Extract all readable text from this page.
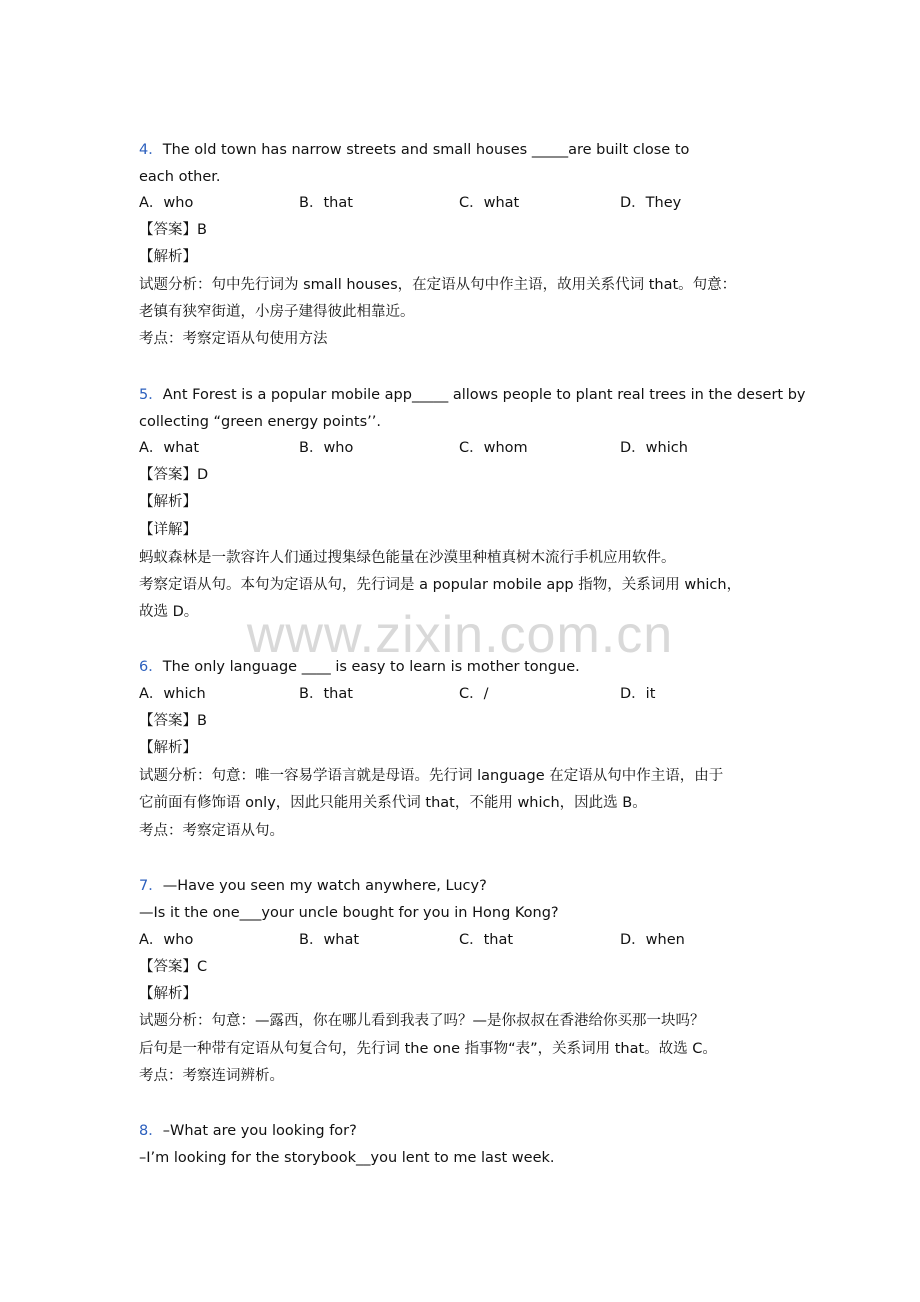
4．The old town has narrow streets and small houses _____are built close to
each other.
A．who	B．that	C．what	D．They
【答案】B
【解析】
试题分析：句中先行词为 small houses，在定语从句中作主语，故用关系代词 that。句意：
老镇有狭窄街道，小房子建得彼此相靠近。
考点：考察定语从句使用方法
5．Ant Forest is a popular mobile app_____ allows people to plant real trees in the desert by
collecting “green energy points’’.
A．what	B．who	C．whom	D．which
【答案】D
【解析】
【详解】
蚂蚁森林是一款容许人们通过搜集绿色能量在沙漠里种植真树木流行手机应用软件。
考察定语从句。本句为定语从句，先行词是 a popular mobile app 指物，关系词用 which，
故选 D。 www.zixin.com.cn
6．The only language ____ is easy to learn is mother tongue.
A．which	B．that	C．/	D．it
【答案】B
【解析】
试题分析：句意：唯一容易学语言就是母语。先行词 language 在定语从句中作主语，由于
它前面有修饰语 only，因此只能用关系代词 that，不能用 which，因此选 B。
考点：考察定语从句。
7．—Have you seen my watch anywhere, Lucy?
—Is it the one___your uncle bought for you in Hong Kong?
A．who	B．what	C．that	D．when
【答案】C
【解析】
试题分析：句意：—露西，你在哪儿看到我表了吗？—是你叔叔在香港给你买那一块吗？
后句是一种带有定语从句复合句，先行词 the one 指事物“表”，关系词用 that。故选 C。
考点：考察连词辨析。
8．–What are you looking for?
–I’m looking for the storybook__you lent to me last week.
